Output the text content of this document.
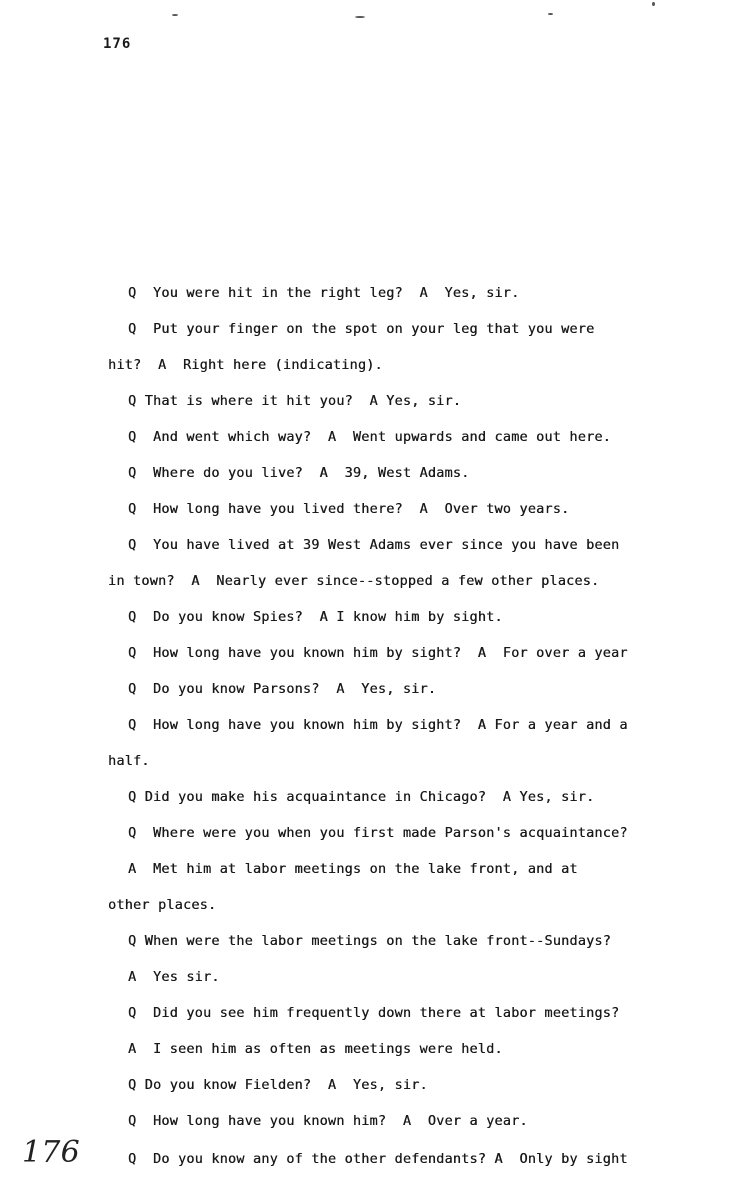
176
Q  You were hit in the right leg?  A  Yes, sir.
Q  Put your finger on the spot on your leg that you were
hit?  A  Right here (indicating).
Q That is where it hit you?  A Yes, sir.
Q  And went which way?  A  Went upwards and came out here.
Q  Where do you live?  A  39, West Adams.
Q  How long have you lived there?  A  Over two years.
Q  You have lived at 39 West Adams ever since you have been
in town?  A  Nearly ever since--stopped a few other places.
Q  Do you know Spies?  A I know him by sight.
Q  How long have you known him by sight?  A  For over a year
Q  Do you know Parsons?  A  Yes, sir.
Q  How long have you known him by sight?  A For a year and a
half.
Q Did you make his acquaintance in Chicago?  A Yes, sir.
Q  Where were you when you first made Parson's acquaintance?
A  Met him at labor meetings on the lake front, and at
other places.
Q When were the labor meetings on the lake front--Sundays?
A  Yes sir.
Q  Did you see him frequently down there at labor meetings?
A  I seen him as often as meetings were held.
Q Do you know Fielden?  A  Yes, sir.
Q  How long have you known him?  A  Over a year.
Q  Do you know any of the other defendants? A  Only by sight
176
